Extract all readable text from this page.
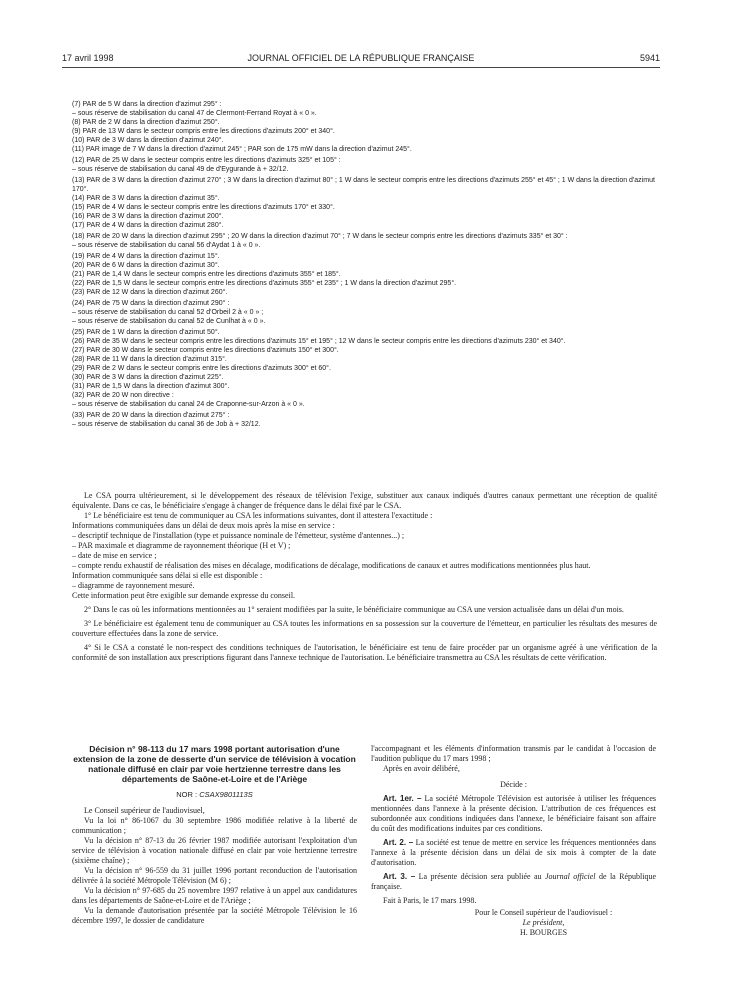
17 avril 1998	JOURNAL OFFICIEL DE LA RÉPUBLIQUE FRANÇAISE	5941
(7) PAR de 5 W dans la direction d'azimut 295° :
– sous réserve de stabilisation du canal 47 de Clermont-Ferrand Royat à « 0 ».
(8) PAR de 2 W dans la direction d'azimut 250°.
(9) PAR de 13 W dans le secteur compris entre les directions d'azimuts 200° et 340°.
(10) PAR de 3 W dans la direction d'azimut 240°.
(11) PAR image de 7 W dans la direction d'azimut 245° ; PAR son de 175 mW dans la direction d'azimut 245°.
(12) PAR de 25 W dans le secteur compris entre les directions d'azimuts 325° et 105° :
– sous réserve de stabilisation du canal 49 de d'Eygurande à + 32/12.
(13) PAR de 3 W dans la direction d'azimut 270° ; 3 W dans la direction d'azimut 80° ; 1 W dans le secteur compris entre les directions d'azimuts 255° et 45° ; 1 W dans la direction d'azimut 170°.
(14) PAR de 3 W dans la direction d'azimut 35°.
(15) PAR de 4 W dans le secteur compris entre les directions d'azimuts 170° et 330°.
(16) PAR de 3 W dans la direction d'azimut 200°.
(17) PAR de 4 W dans la direction d'azimut 280°.
(18) PAR de 20 W dans la direction d'azimut 295° ; 20 W dans la direction d'azimut 70° ; 7 W dans le secteur compris entre les directions d'azimuts 335° et 30° :
– sous réserve de stabilisation du canal 56 d'Aydat 1 à « 0 ».
(19) PAR de 4 W dans la direction d'azimut 15°.
(20) PAR de 6 W dans la direction d'azimut 30°.
(21) PAR de 1,4 W dans le secteur compris entre les directions d'azimuts 355° et 185°.
(22) PAR de 1,5 W dans le secteur compris entre les directions d'azimuts 355° et 235° ; 1 W dans la direction d'azimut 295°.
(23) PAR de 12 W dans la direction d'azimut 260°.
(24) PAR de 75 W dans la direction d'azimut 290° :
– sous réserve de stabilisation du canal 52 d'Orbeil 2 à « 0 » ;
– sous réserve de stabilisation du canal 52 de Cunlhat à « 0 ».
(25) PAR de 1 W dans la direction d'azimut 50°.
(26) PAR de 35 W dans le secteur compris entre les directions d'azimuts 15° et 195° ; 12 W dans le secteur compris entre les directions d'azimuts 230° et 340°.
(27) PAR de 30 W dans le secteur compris entre les directions d'azimuts 150° et 300°.
(28) PAR de 11 W dans la direction d'azimut 315°.
(29) PAR de 2 W dans le secteur compris entre les directions d'azimuts 300° et 60°.
(30) PAR de 3 W dans la direction d'azimut 225°.
(31) PAR de 1,5 W dans la direction d'azimut 300°.
(32) PAR de 20 W non directive :
– sous réserve de stabilisation du canal 24 de Craponne-sur-Arzon à « 0 ».
(33) PAR de 20 W dans la direction d'azimut 275° :
– sous réserve de stabilisation du canal 36 de Job à + 32/12.

Le CSA pourra ultérieurement, si le développement des réseaux de télévision l'exige, substituer aux canaux indiqués d'autres canaux permettant une réception de qualité équivalente. Dans ce cas, le bénéficiaire s'engage à changer de fréquence dans le délai fixé par le CSA.

1° Le bénéficiaire est tenu de communiquer au CSA les informations suivantes, dont il attestera l'exactitude :

Informations communiquées dans un délai de deux mois après la mise en service :

– descriptif technique de l'installation (type et puissance nominale de l'émetteur, système d'antennes...) ;

– PAR maximale et diagramme de rayonnement théorique (H et V) ;

– date de mise en service ;

– compte rendu exhaustif de réalisation des mises en décalage, modifications de décalage, modifications de canaux et autres modifications mentionnées plus haut.

Information communiquée sans délai si elle est disponible :

– diagramme de rayonnement mesuré.

Cette information peut être exigible sur demande expresse du conseil.

2° Dans le cas où les informations mentionnées au 1° seraient modifiées par la suite, le bénéficiaire communique au CSA une version actualisée dans un délai d'un mois.

3° Le bénéficiaire est également tenu de communiquer au CSA toutes les informations en sa possession sur la couverture de l'émetteur, en particulier les résultats des mesures de couverture effectuées dans la zone de service.

4° Si le CSA a constaté le non-respect des conditions techniques de l'autorisation, le bénéficiaire est tenu de faire procéder par un organisme agréé à une vérification de la conformité de son installation aux prescriptions figurant dans l'annexe technique de l'autorisation. Le bénéficiaire transmettra au CSA les résultats de cette vérification.

Décision n° 98-113 du 17 mars 1998 portant autorisation d'une extension de la zone de desserte d'un service de télévision à vocation nationale diffusé en clair par voie hertzienne terrestre dans les départements de Saône-et-Loire et de l'Ariège

NOR : CSAX9801113S

Le Conseil supérieur de l'audiovisuel,

Vu la loi n° 86-1067 du 30 septembre 1986 modifiée relative à la liberté de communication ;

Vu la décision n° 87-13 du 26 février 1987 modifiée autorisant l'exploitation d'un service de télévision à vocation nationale diffusé en clair par voie hertzienne terrestre (sixième chaîne) ;

Vu la décision n° 96-559 du 31 juillet 1996 portant reconduction de l'autorisation délivrée à la société Métropole Télévision (M 6) ;

Vu la décision n° 97-685 du 25 novembre 1997 relative à un appel aux candidatures dans les départements de Saône-et-Loire et de l'Ariège ;

Vu la demande d'autorisation présentée par la société Métropole Télévision le 16 décembre 1997, le dossier de candidature

l'accompagnant et les éléments d'information transmis par le candidat à l'occasion de l'audition publique du 17 mars 1998 ;

Après en avoir délibéré,

Décide :

Art. 1er. – La société Métropole Télévision est autorisée à utiliser les fréquences mentionnées dans l'annexe à la présente décision. L'attribution de ces fréquences est subordonnée aux conditions indiquées dans l'annexe, le bénéficiaire faisant son affaire du coût des modifications induites par ces conditions.

Art. 2. – La société est tenue de mettre en service les fréquences mentionnées dans l'annexe à la présente décision dans un délai de six mois à compter de la date d'autorisation.

Art. 3. – La présente décision sera publiée au Journal officiel de la République française.

Fait à Paris, le 17 mars 1998.

Pour le Conseil supérieur de l'audiovisuel :

Le président,

H. BOURGES
